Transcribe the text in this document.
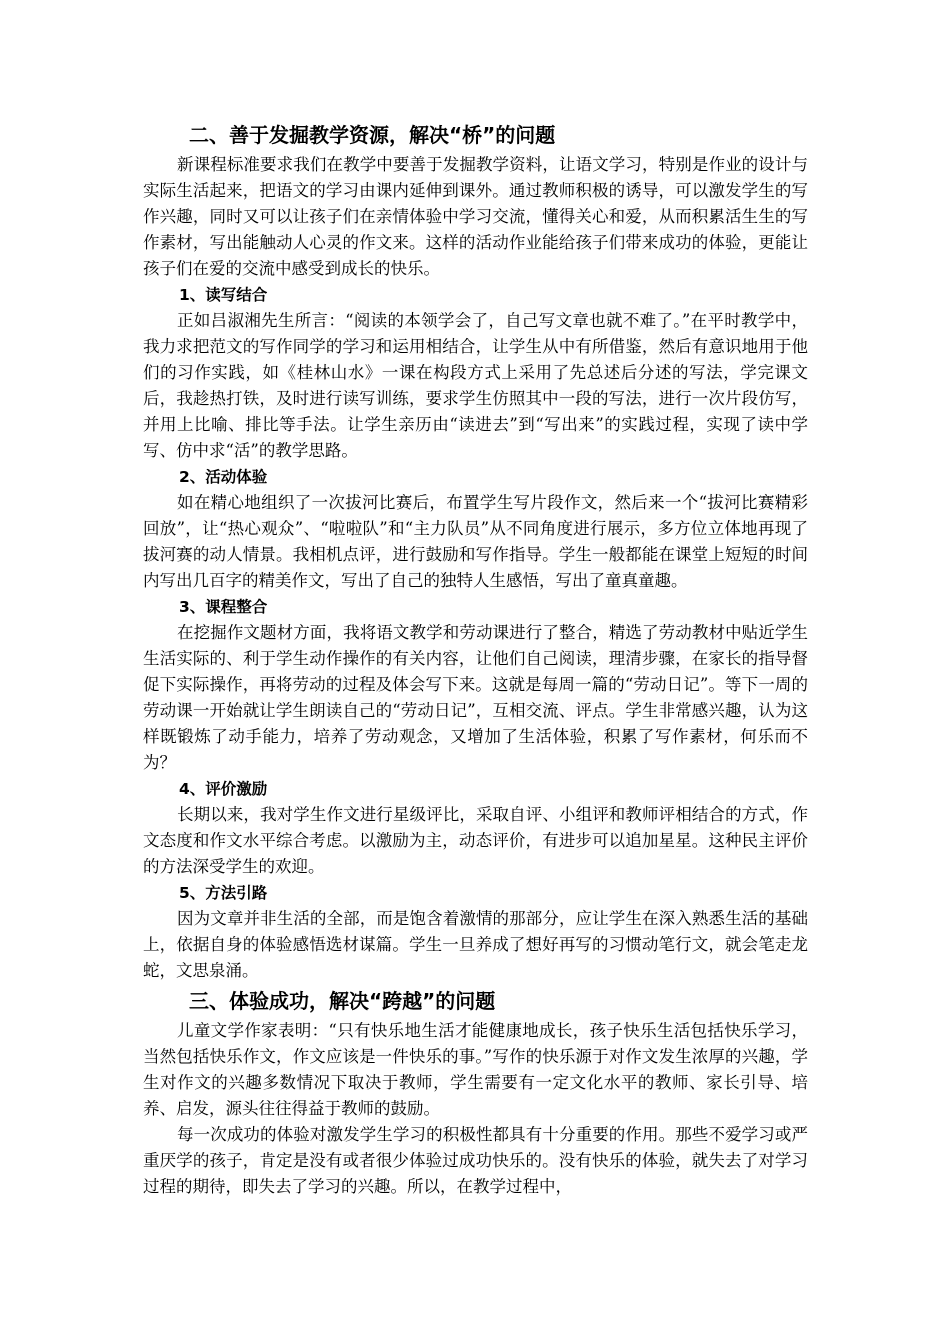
二、善于发掘教学资源，解决“桥”的问题

新课程标准要求我们在教学中要善于发掘教学资料，让语文学习，特别是作业的设计与实际生活起来，把语文的学习由课内延伸到课外。通过教师积极的诱导，可以激发学生的写作兴趣，同时又可以让孩子们在亲情体验中学习交流，懂得关心和爱，从而积累活生生的写作素材，写出能触动人心灵的作文来。这样的活动作业能给孩子们带来成功的体验，更能让孩子们在爱的交流中感受到成长的快乐。

1、读写结合

正如吕淑湘先生所言：“阅读的本领学会了，自己写文章也就不难了。”在平时教学中，我力求把范文的写作同学的学习和运用相结合，让学生从中有所借鉴，然后有意识地用于他们的习作实践，如《桂林山水》一课在构段方式上采用了先总述后分述的写法，学完课文后，我趁热打铁，及时进行读写训练，要求学生仿照其中一段的写法，进行一次片段仿写，并用上比喻、排比等手法。让学生亲历由“读进去”到“写出来”的实践过程，实现了读中学写、仿中求“活”的教学思路。

2、活动体验

如在精心地组织了一次拔河比赛后，布置学生写片段作文，然后来一个“拔河比赛精彩回放”，让“热心观众”、“啦啦队”和“主力队员”从不同角度进行展示，多方位立体地再现了拔河赛的动人情景。我相机点评，进行鼓励和写作指导。学生一般都能在课堂上短短的时间内写出几百字的精美作文，写出了自己的独特人生感悟，写出了童真童趣。

3、课程整合

在挖掘作文题材方面，我将语文教学和劳动课进行了整合，精选了劳动教材中贴近学生生活实际的、利于学生动作操作的有关内容，让他们自己阅读，理清步骤，在家长的指导督促下实际操作，再将劳动的过程及体会写下来。这就是每周一篇的“劳动日记”。等下一周的劳动课一开始就让学生朗读自己的“劳动日记”，互相交流、评点。学生非常感兴趣，认为这样既锻炼了动手能力，培养了劳动观念，又增加了生活体验，积累了写作素材，何乐而不为？

4、评价激励

长期以来，我对学生作文进行星级评比，采取自评、小组评和教师评相结合的方式，作文态度和作文水平综合考虑。以激励为主，动态评价，有进步可以追加星星。这种民主评价的方法深受学生的欢迎。

5、方法引路

因为文章并非生活的全部，而是饱含着激情的那部分，应让学生在深入熟悉生活的基础上，依据自身的体验感悟选材谋篇。学生一旦养成了想好再写的习惯动笔行文，就会笔走龙蛇，文思泉涌。

三、体验成功，解决“跨越”的问题

儿童文学作家表明：“只有快乐地生活才能健康地成长，孩子快乐生活包括快乐学习，当然包括快乐作文，作文应该是一件快乐的事。”写作的快乐源于对作文发生浓厚的兴趣，学生对作文的兴趣多数情况下取决于教师，学生需要有一定文化水平的教师、家长引导、培养、启发，源头往往得益于教师的鼓励。

每一次成功的体验对激发学生学习的积极性都具有十分重要的作用。那些不爱学习或严重厌学的孩子，肯定是没有或者很少体验过成功快乐的。没有快乐的体验，就失去了对学习过程的期待，即失去了学习的兴趣。所以，在教学过程中，
